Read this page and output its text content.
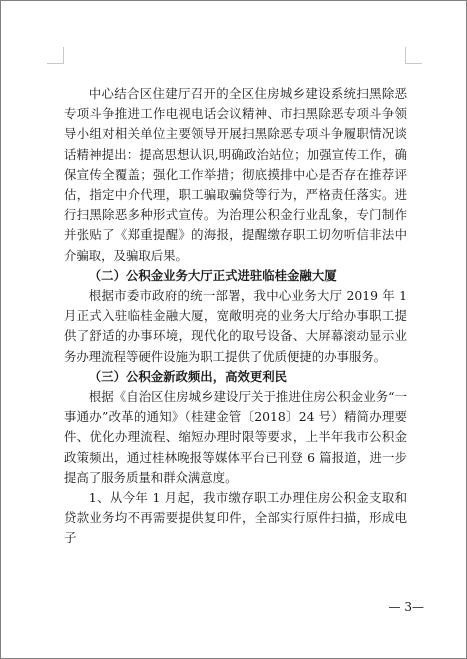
中心结合区住建厅召开的全区住房城乡建设系统扫黑除恶专项斗争推进工作电视电话会议精神、市扫黑除恶专项斗争领导小组对相关单位主要领导开展扫黑除恶专项斗争履职情况谈话精神提出：提高思想认识,明确政治站位；加强宣传工作，确保宣传全覆盖；强化工作举措；彻底摸排中心是否存在推荐评估，指定中介代理，职工骗取骗贷等行为，严格责任落实。进行扫黑除恶多种形式宣传。为治理公积金行业乱象，专门制作并张贴了《郑重提醒》的海报，提醒缴存职工切勿听信非法中介骗取，及骗取后果。

（二）公积金业务大厅正式进驻临桂金融大厦

根据市委市政府的统一部署，我中心业务大厅 2019 年 1 月正式入驻临桂金融大厦，宽敞明亮的业务大厅给办事职工提供了舒适的办事环境，现代化的取号设备、大屏幕滚动显示业务办理流程等硬件设施为职工提供了优质便捷的办事服务。

（三）公积金新政频出，高效更利民

根据《自治区住房城乡建设厅关于推进住房公积金业务“一事通办”改革的通知》（桂建金管〔2018〕24 号）精简办理要件、优化办理流程、缩短办理时限等要求，上半年我市公积金政策频出，通过桂林晚报等媒体平台已刊登 6 篇报道，进一步提高了服务质量和群众满意度。

1、从今年 1 月起，我市缴存职工办理住房公积金支取和贷款业务均不再需要提供复印件，全部实行原件扫描，形成电子

— 3—
